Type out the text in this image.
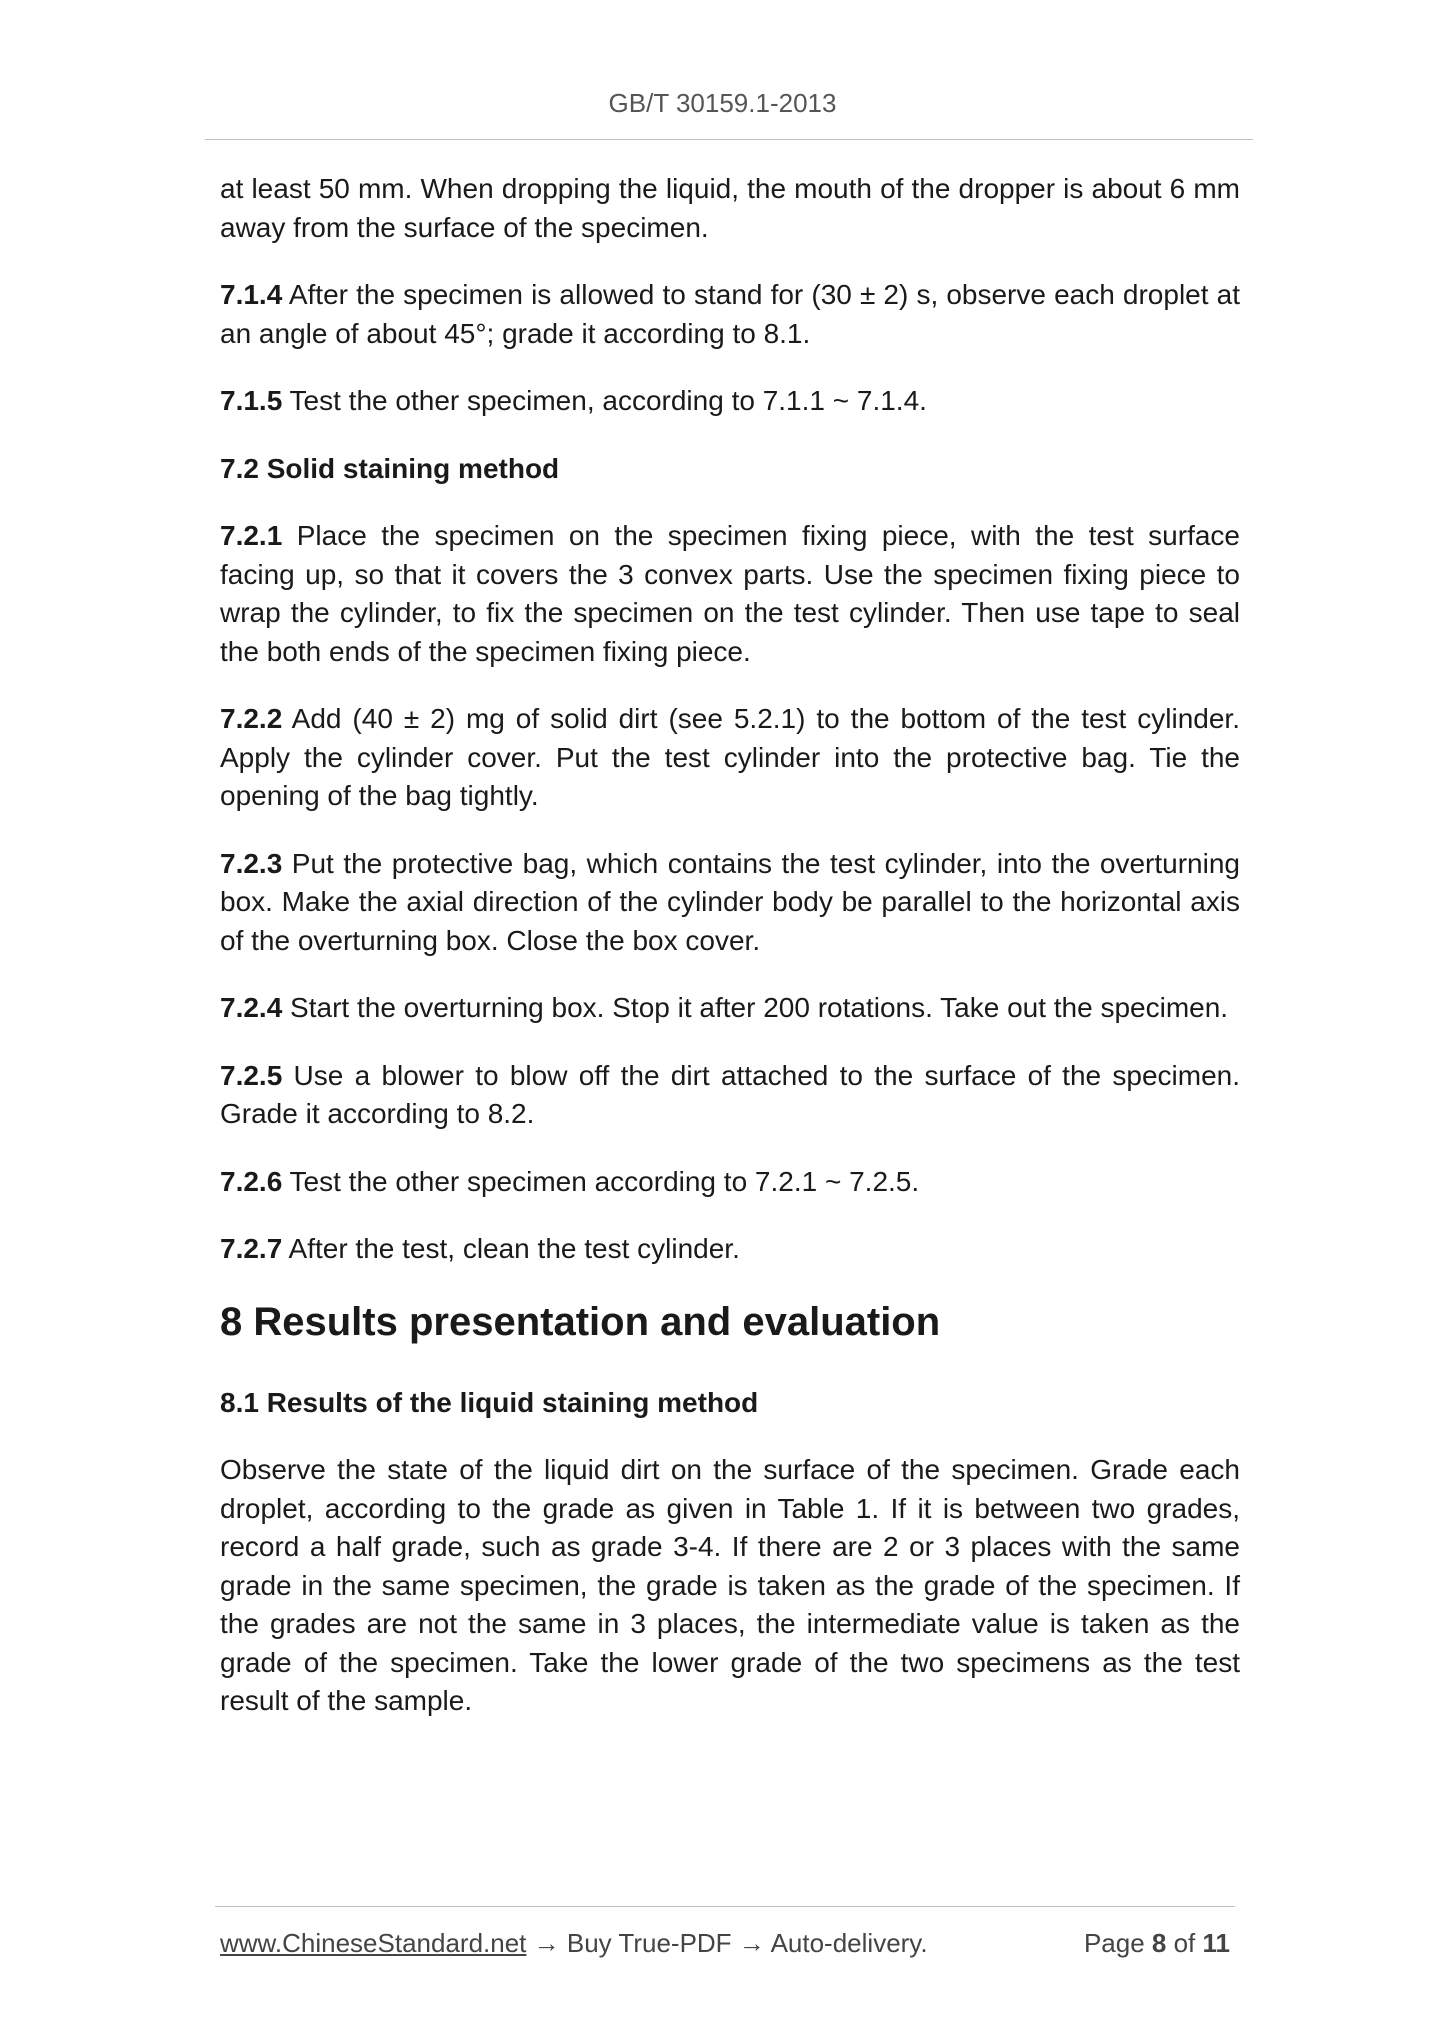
GB/T 30159.1-2013

at least 50 mm. When dropping the liquid, the mouth of the dropper is about 6 mm away from the surface of the specimen.

7.1.4 After the specimen is allowed to stand for (30 ± 2) s, observe each droplet at an angle of about 45°; grade it according to 8.1.

7.1.5 Test the other specimen, according to 7.1.1 ~ 7.1.4.

7.2 Solid staining method

7.2.1 Place the specimen on the specimen fixing piece, with the test surface facing up, so that it covers the 3 convex parts. Use the specimen fixing piece to wrap the cylinder, to fix the specimen on the test cylinder. Then use tape to seal the both ends of the specimen fixing piece.

7.2.2 Add (40 ± 2) mg of solid dirt (see 5.2.1) to the bottom of the test cylinder. Apply the cylinder cover. Put the test cylinder into the protective bag. Tie the opening of the bag tightly.

7.2.3 Put the protective bag, which contains the test cylinder, into the overturning box. Make the axial direction of the cylinder body be parallel to the horizontal axis of the overturning box. Close the box cover.

7.2.4 Start the overturning box. Stop it after 200 rotations. Take out the specimen.

7.2.5 Use a blower to blow off the dirt attached to the surface of the specimen. Grade it according to 8.2.

7.2.6 Test the other specimen according to 7.2.1 ~ 7.2.5.

7.2.7 After the test, clean the test cylinder.

8 Results presentation and evaluation
8.1 Results of the liquid staining method

Observe the state of the liquid dirt on the surface of the specimen. Grade each droplet, according to the grade as given in Table 1. If it is between two grades, record a half grade, such as grade 3-4. If there are 2 or 3 places with the same grade in the same specimen, the grade is taken as the grade of the specimen. If the grades are not the same in 3 places, the intermediate value is taken as the grade of the specimen. Take the lower grade of the two specimens as the test result of the sample.

www.ChineseStandard.net → Buy True-PDF → Auto-delivery.	Page 8 of 11
